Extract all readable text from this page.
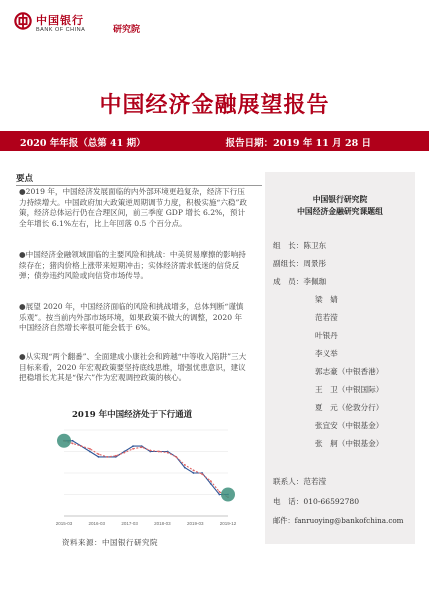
中国银行
BANK OF CHINA	研究院
中国经济金融展望报告
2020 年年报（总第 41 期）	报告日期：2019 年 11 月 28 日
要点
●2019 年，中国经济发展面临的内外部环境更趋复杂，经济下行压力持续增大。中国政府加大政策逆周期调节力度，积极实施“六稳”政策，经济总体运行仍在合理区间，前三季度 GDP 增长 6.2%，预计全年增长 6.1%左右，比上年回落 0.5 个百分点。
●中国经济金融领域面临的主要风险和挑战：中美贸易摩擦的影响持续存在；猪肉价格上涨带来短期冲击；实体经济需求低迷的信贷反弹；债券违约风险或向信贷市场传导。
●展望 2020 年，中国经济面临的风险和挑战增多，总体判断“谨慎乐观”。按当前内外部市场环境，如果政策不做大的调整，2020 年中国经济自然增长率很可能会低于 6%。
●从实现“两个翻番”、全面建成小康社会和跨越“中等收入陷阱”三大目标来看，2020 年宏观政策要坚持底线思维，增强忧患意识，建议把稳增长尤其是“保六”作为宏观调控政策的核心。
2019 年中国经济处于下行通道
2015-03	2016-03	2017-03	2018-03	2019-03	2019-12
资料来源：中国银行研究院
中国银行研究院
中国经济金融研究课题组
组　长：陈卫东
副组长：周景彤
成　员：李佩珈
梁　婧
范若滢
叶银丹
李义举
郭志豪（中银香港）
王　卫（中银国际）
夏　元（伦敦分行）
张宜安（中银基金）
张　舸（中银基金）
联系人：范若滢
电　话：010-66592780
邮件：fanruoying@bankofchina.com
